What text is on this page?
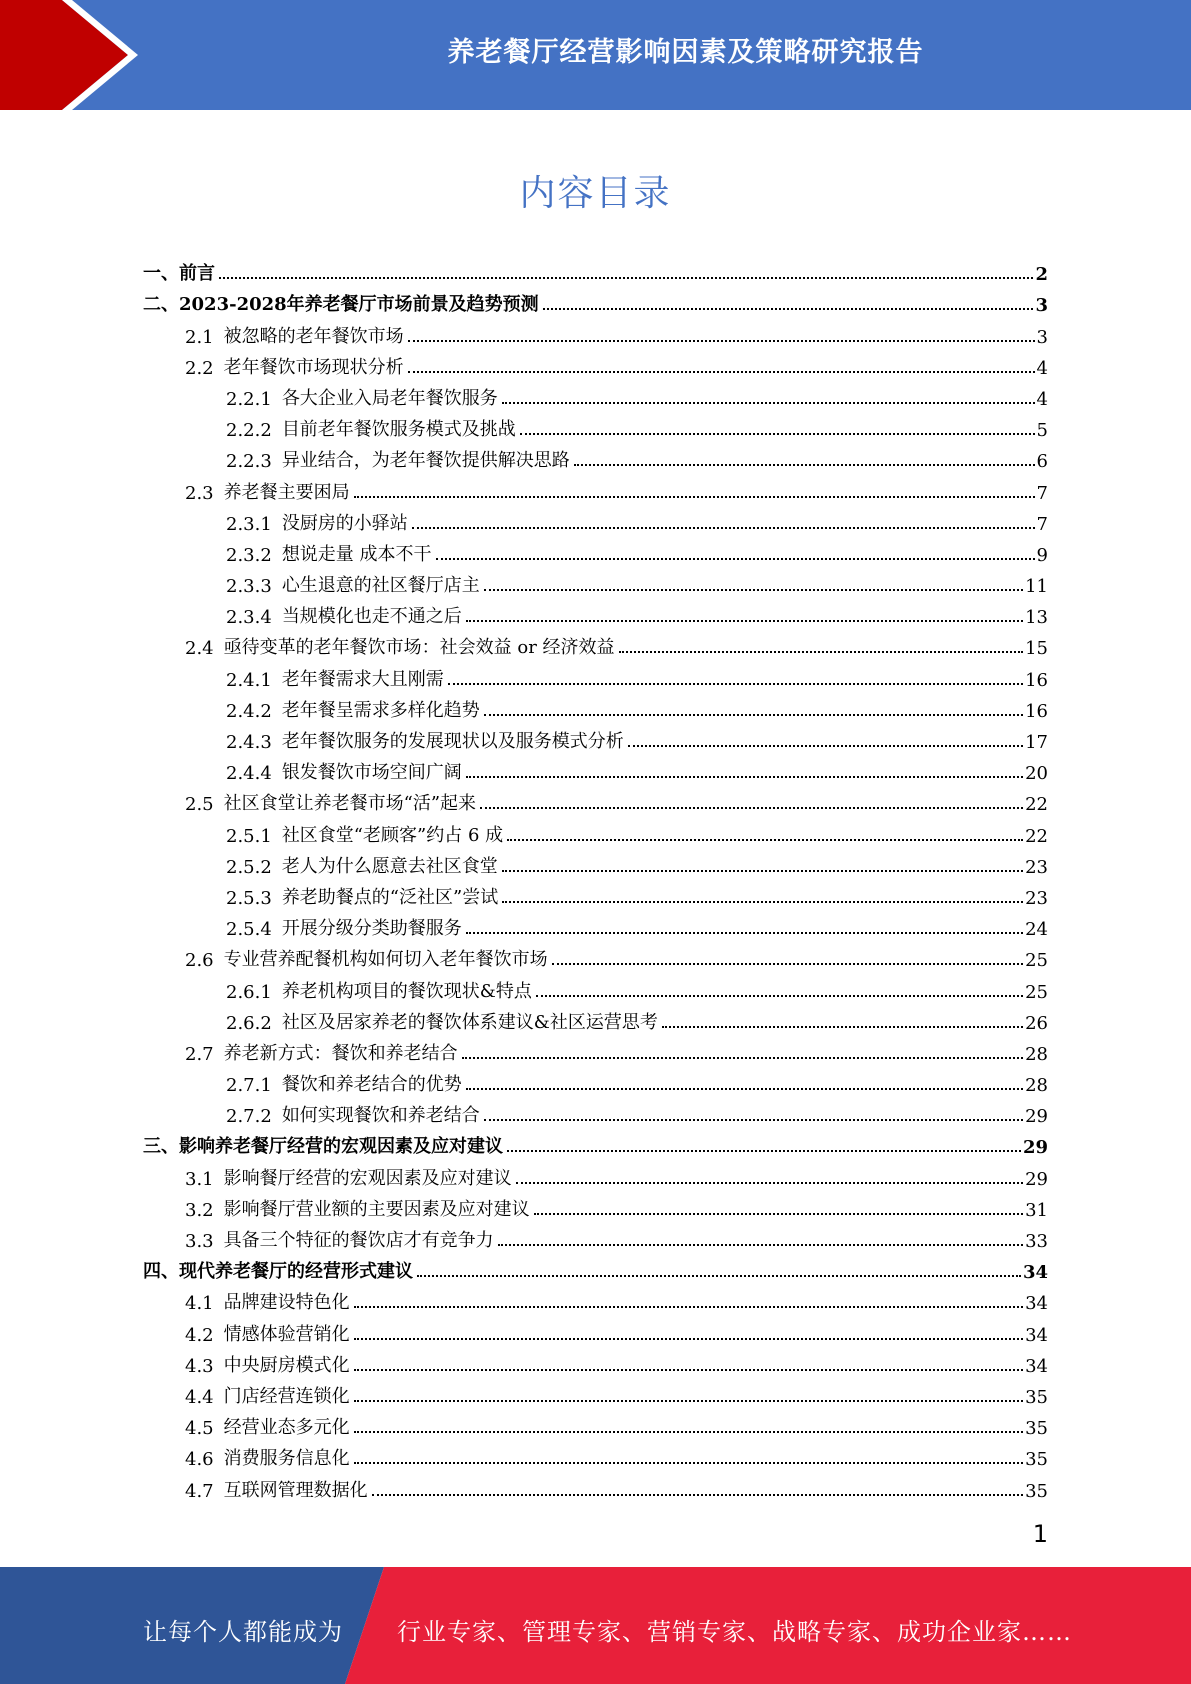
养老餐厅经营影响因素及策略研究报告
内容目录
一、 前言	2
二、 2023-2028年养老餐厅市场前景及趋势预测	3
2.1 被忽略的老年餐饮市场	3
2.2 老年餐饮市场现状分析	4
2.2.1 各大企业入局老年餐饮服务	4
2.2.2 目前老年餐饮服务模式及挑战	5
2.2.3 异业结合，为老年餐饮提供解决思路	6
2.3 养老餐主要困局	7
2.3.1 没厨房的小驿站	7
2.3.2 想说走量 成本不干	9
2.3.3 心生退意的社区餐厅店主	11
2.3.4 当规模化也走不通之后	13
2.4 亟待变革的老年餐饮市场：社会效益 or 经济效益	15
2.4.1 老年餐需求大且刚需	16
2.4.2 老年餐呈需求多样化趋势	16
2.4.3 老年餐饮服务的发展现状以及服务模式分析	17
2.4.4 银发餐饮市场空间广阔	20
2.5 社区食堂让养老餐市场“活”起来	22
2.5.1 社区食堂“老顾客”约占 6 成	22
2.5.2 老人为什么愿意去社区食堂	23
2.5.3 养老助餐点的“泛社区”尝试	23
2.5.4 开展分级分类助餐服务	24
2.6 专业营养配餐机构如何切入老年餐饮市场	25
2.6.1 养老机构项目的餐饮现状&特点	25
2.6.2 社区及居家养老的餐饮体系建议&社区运营思考	26
2.7 养老新方式：餐饮和养老结合	28
2.7.1 餐饮和养老结合的优势	28
2.7.2 如何实现餐饮和养老结合	29
三、 影响养老餐厅经营的宏观因素及应对建议	29
3.1 影响餐厅经营的宏观因素及应对建议	29
3.2 影响餐厅营业额的主要因素及应对建议	31
3.3 具备三个特征的餐饮店才有竞争力	33
四、 现代养老餐厅的经营形式建议	34
4.1 品牌建设特色化	34
4.2 情感体验营销化	34
4.3 中央厨房模式化	34
4.4 门店经营连锁化	35
4.5 经营业态多元化	35
4.6 消费服务信息化	35
4.7 互联网管理数据化	35
1
让每个人都能成为 行业专家、管理专家、营销专家、战略专家、成功企业家……
